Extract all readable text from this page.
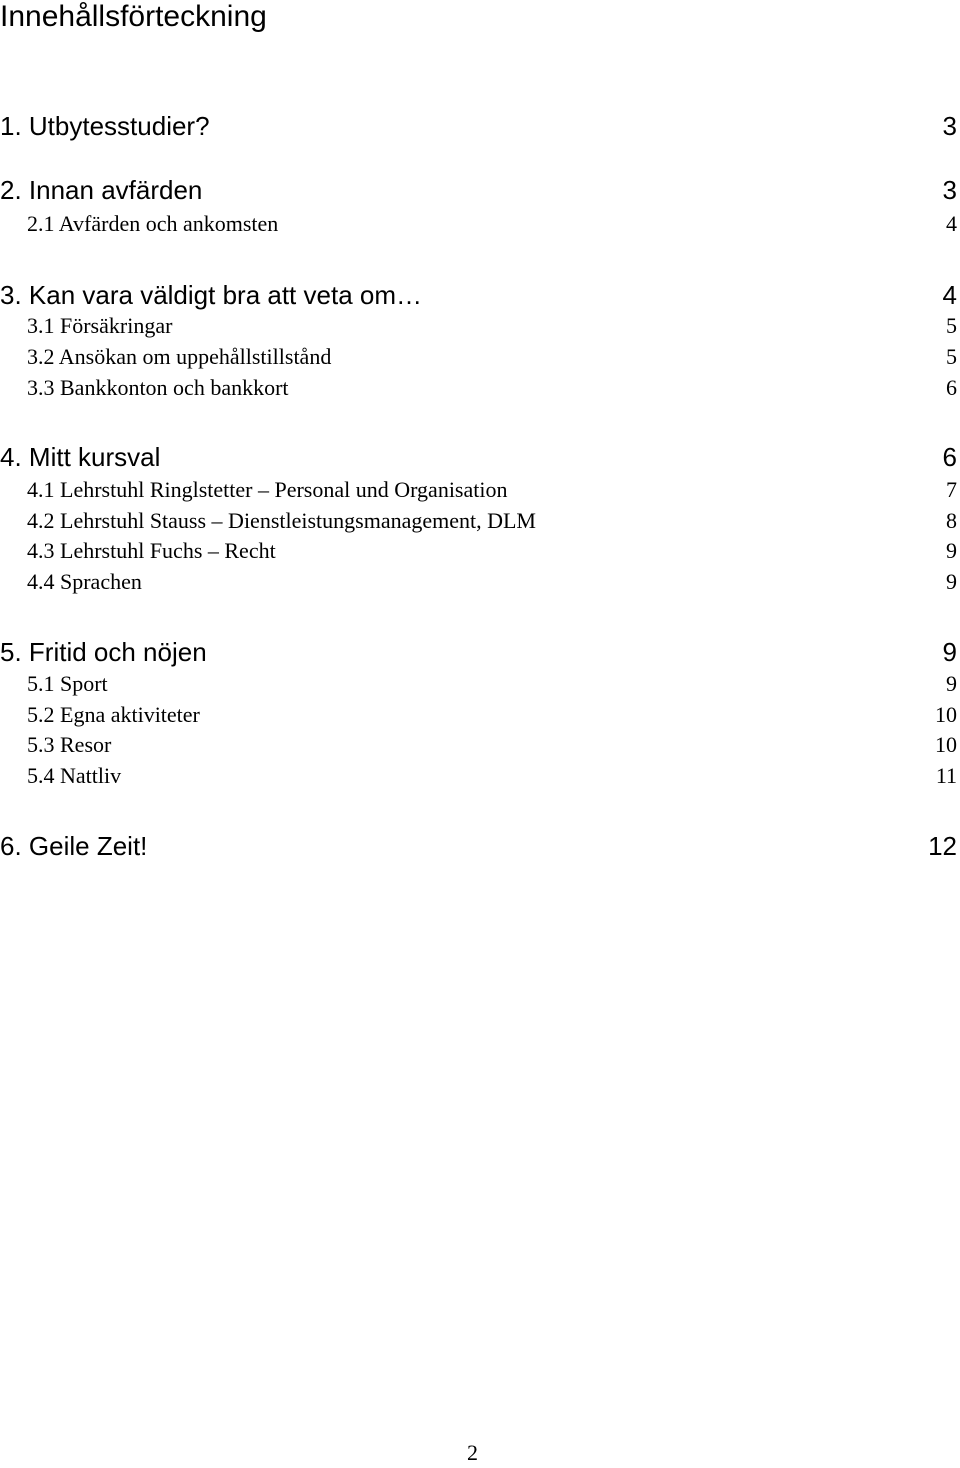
Innehållsförteckning
1. Utbytesstudier?	3
2. Innan avfärden	3
2.1 Avfärden och ankomsten	4
3. Kan vara väldigt bra att veta om…	4
3.1 Försäkringar	5
3.2 Ansökan om uppehållstillstånd	5
3.3 Bankkonton och bankkort	6
4. Mitt kursval	6
4.1 Lehrstuhl Ringlstetter – Personal und Organisation	7
4.2 Lehrstuhl Stauss – Dienstleistungsmanagement, DLM	8
4.3 Lehrstuhl Fuchs – Recht	9
4.4 Sprachen	9
5. Fritid och nöjen	9
5.1 Sport	9
5.2 Egna aktiviteter	10
5.3 Resor	10
5.4 Nattliv	11
6. Geile Zeit!	12
2
